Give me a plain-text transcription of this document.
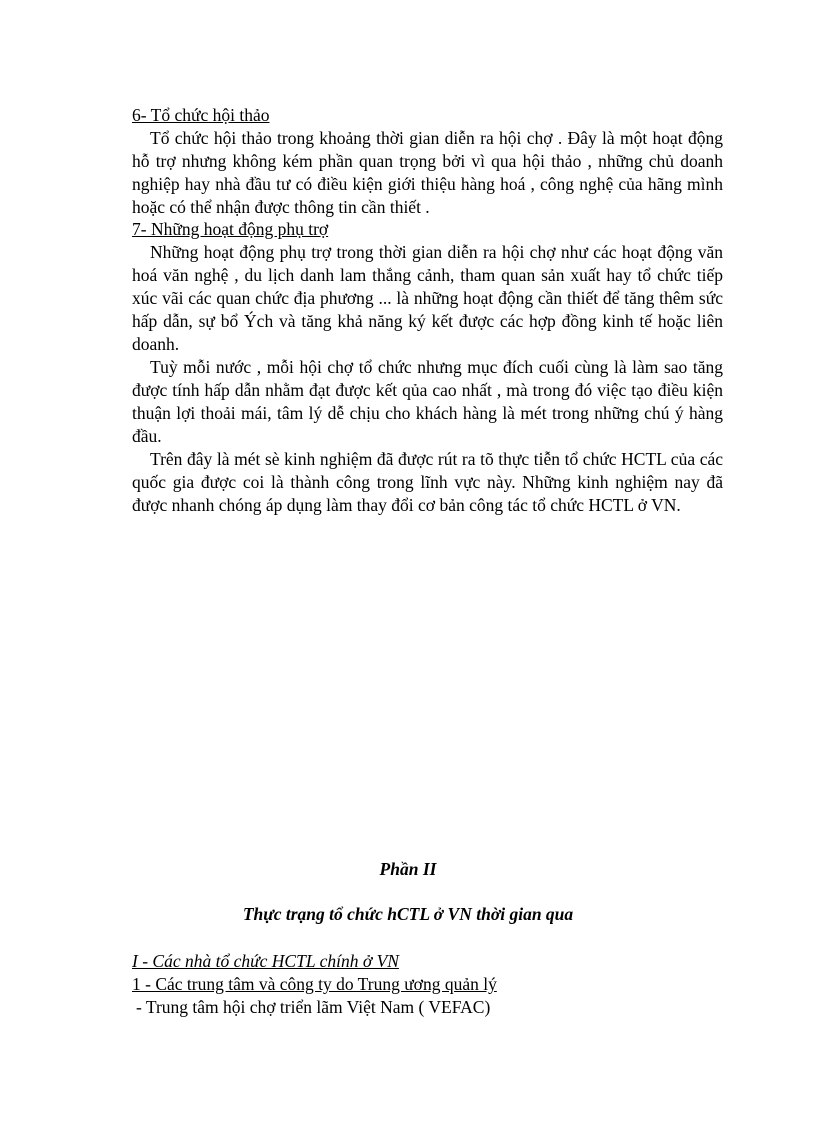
6- Tổ chức hội thảo

Tổ chức hội thảo trong khoảng thời gian diễn ra hội chợ . Đây là một hoạt động hỗ trợ nhưng không kém phần quan trọng bởi vì qua hội thảo , những chủ doanh nghiệp hay nhà đầu tư có điều kiện giới thiệu hàng hoá , công nghệ của hãng mình hoặc có thể nhận được thông tin cần thiết .

7- Những hoạt động phụ trợ

Những hoạt động phụ trợ trong thời gian diễn ra hội chợ như các hoạt động văn hoá văn nghệ , du lịch danh lam thắng cảnh, tham quan sản xuất hay tổ chức tiếp xúc vãi các quan chức địa phương ... là những hoạt động cần thiết để tăng thêm sức hấp dẫn, sự bổ Ých và tăng khả năng ký kết được các hợp đồng kinh tế hoặc liên doanh.

Tuỳ mỗi nước , mỗi hội chợ tổ chức nhưng mục đích cuối cùng là làm sao tăng được tính hấp dẫn nhằm đạt được kết qủa cao nhất , mà trong đó việc tạo điều kiện thuận lợi thoải mái, tâm lý dễ chịu cho khách hàng là mét trong những chú ý hàng đầu.

Trên đây là mét sè kinh nghiệm đã được rút ra tõ thực tiễn tổ chức HCTL của các quốc gia được coi là thành công trong lĩnh vực này. Những kinh nghiệm nay đã được nhanh chóng áp dụng làm thay đổi cơ bản công tác tổ chức HCTL ở VN.

Phần II
Thực trạng tổ chức hCTL ở VN thời gian qua
I - Các nhà tổ chức HCTL chính ở VN
1 - Các trung tâm và công ty do Trung ương quản lý
- Trung tâm hội chợ triển lãm Việt Nam ( VEFAC)
